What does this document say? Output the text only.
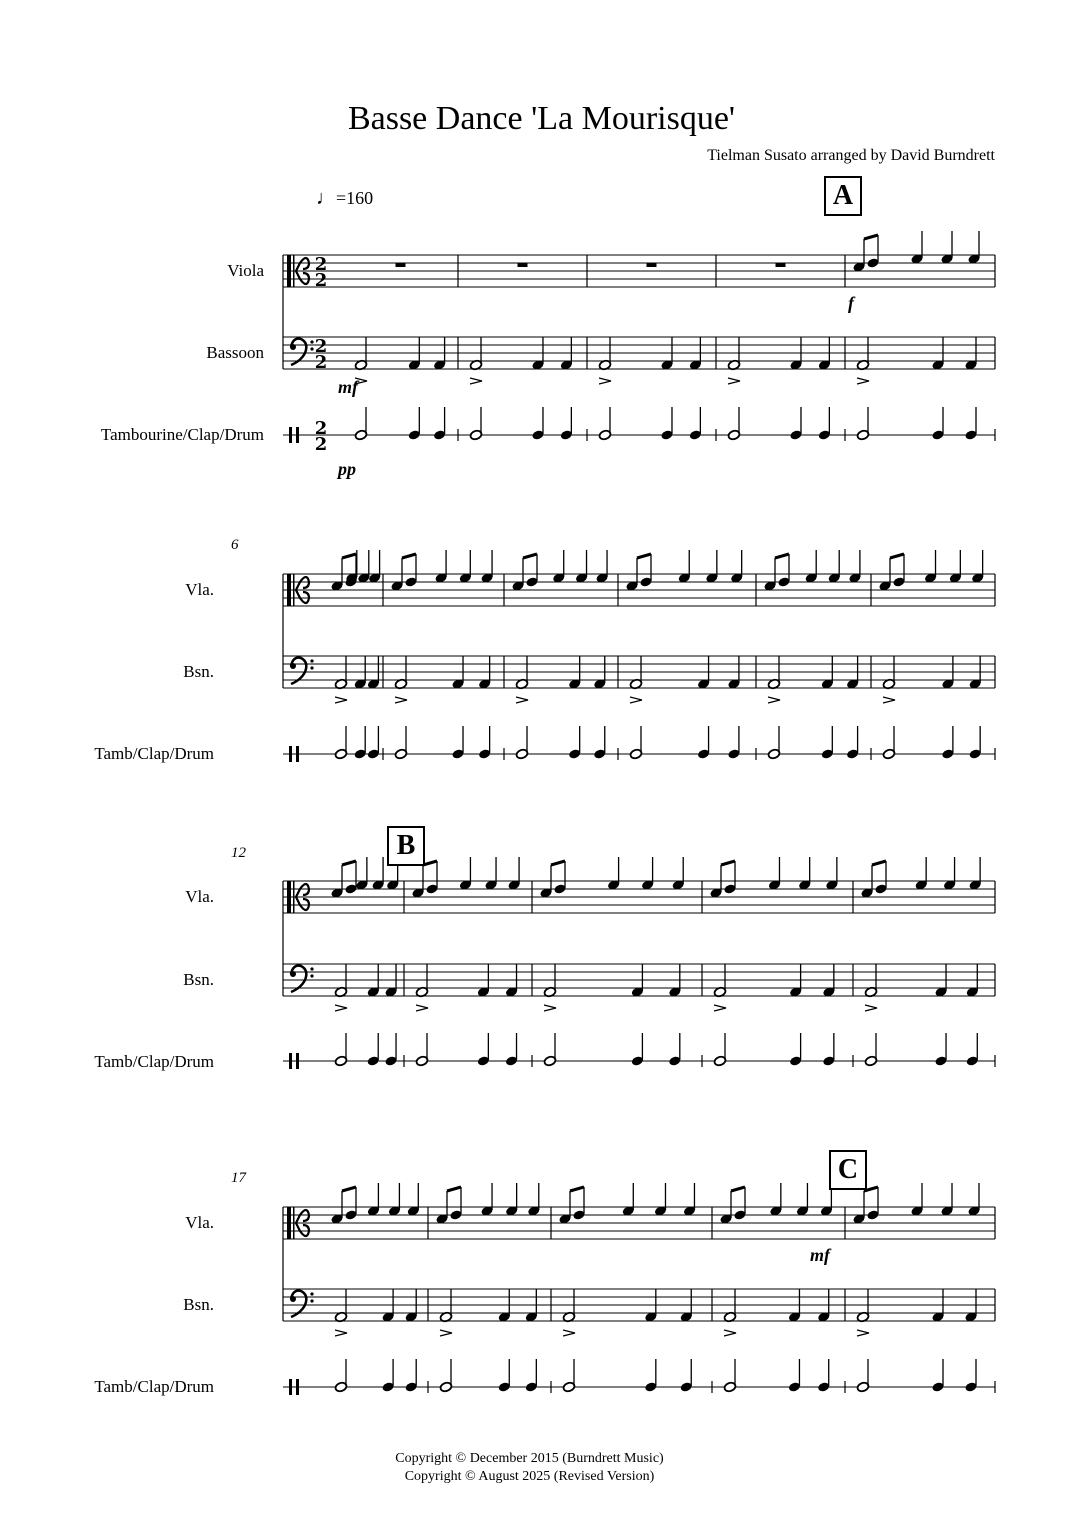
Basse Dance 'La Mourisque'
Tielman Susato arranged by David Burndrett
♩=160
Viola
Bassoon
Tambourine/Clap/Drum
Vla.
Bsn.
Tamb/Clap/Drum
Vla.
Bsn.
Tamb/Clap/Drum
Vla.
Bsn.
Tamb/Clap/Drum
6
12
17
f
mf
pp
mf
2
2
2
2
2
2
A
B
C
Copyright © December 2015 (Burndrett Music)
Copyright © August 2025 (Revised Version)
